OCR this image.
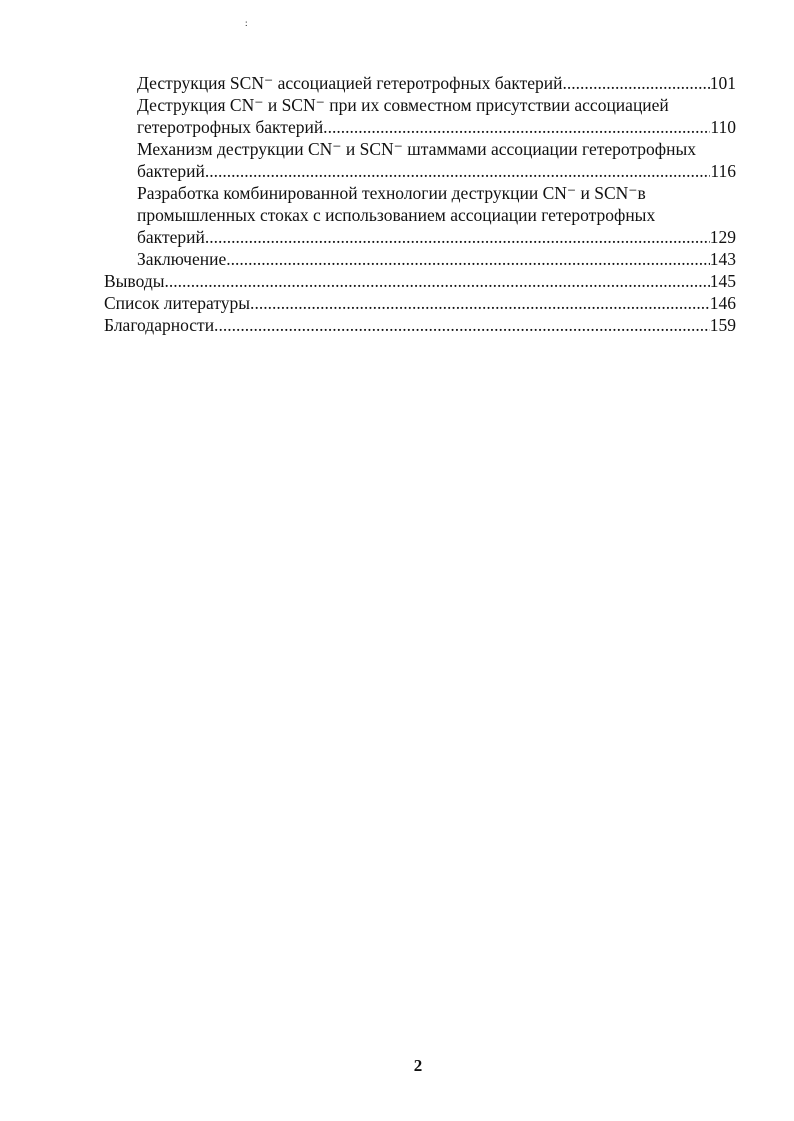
:
Деструкция SCN⁻ ассоциацией гетеротрофных бактерий. .....	101
Деструкция CN⁻ и SCN⁻ при их совместном присутствии ассоциацией
гетеротрофных бактерий. .....	110
Механизм деструкции CN⁻ и SCN⁻ штаммами ассоциации гетеротрофных
бактерий .....	116
Разработка комбинированной технологии деструкции CN⁻ и SCN⁻в
промышленных стоках с использованием ассоциации гетеротрофных
бактерий .....	129
Заключение .....	143
Выводы. .....	145
Список литературы. .....	146
Благодарности. .....	159
2
